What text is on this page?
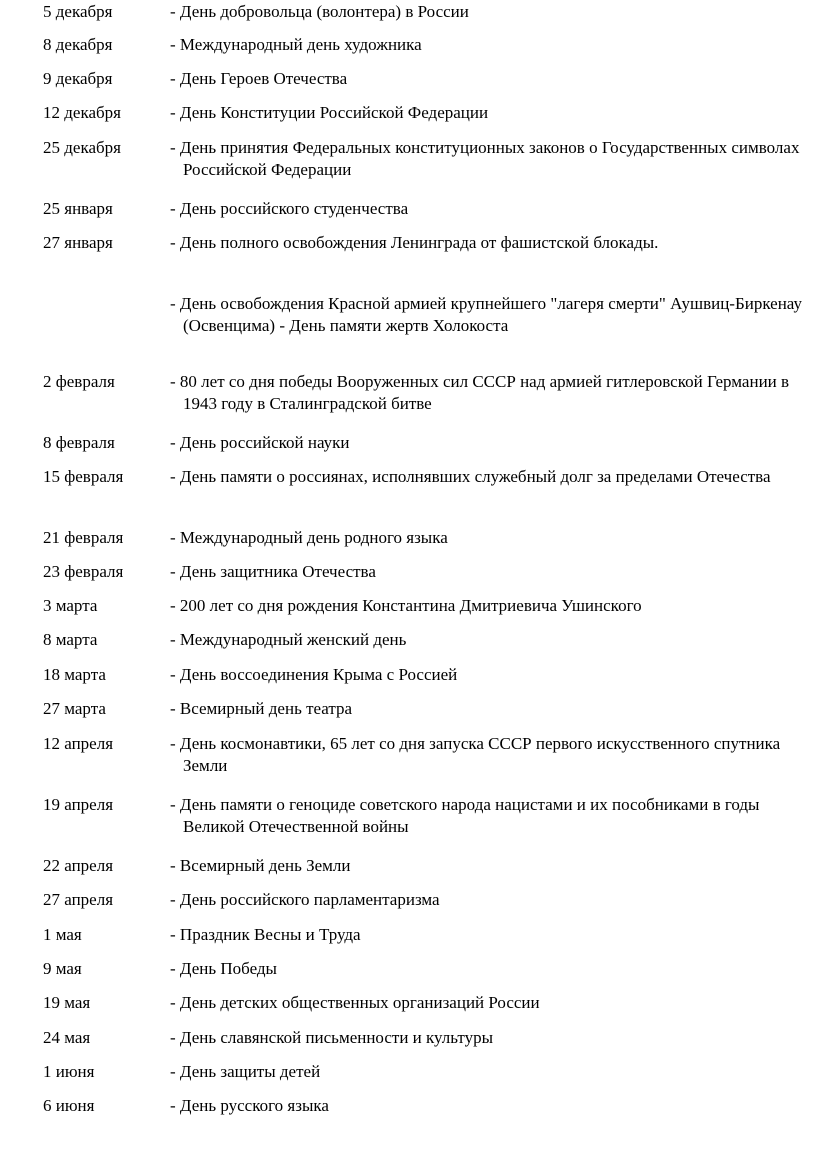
5 декабря	- День добровольца (волонтера) в России
8 декабря	- Международный день художника
9 декабря	- День Героев Отечества
12 декабря	- День Конституции Российской Федерации
25 декабря	- День принятия Федеральных конституционных законов о Государственных символах Российской Федерации
25 января	- День российского студенчества
27 января	- День полного освобождения Ленинграда от фашистской блокады.
- День освобождения Красной армией крупнейшего "лагеря смерти" Аушвиц-Биркенау (Освенцима) - День памяти жертв Холокоста
2 февраля	- 80 лет со дня победы Вооруженных сил СССР над армией гитлеровской Германии в 1943 году в Сталинградской битве
8 февраля	- День российской науки
15 февраля	- День памяти о россиянах, исполнявших служебный долг за пределами Отечества
21 февраля	- Международный день родного языка
23 февраля	- День защитника Отечества
3 марта	- 200 лет со дня рождения Константина Дмитриевича Ушинского
8 марта	- Международный женский день
18 марта	- День воссоединения Крыма с Россией
27 марта	- Всемирный день театра
12 апреля	- День космонавтики, 65 лет со дня запуска СССР первого искусственного спутника Земли
19 апреля	- День памяти о геноциде советского народа нацистами и их пособниками в годы Великой Отечественной войны
22 апреля	- Всемирный день Земли
27 апреля	- День российского парламентаризма
1 мая	- Праздник Весны и Труда
9 мая	- День Победы
19 мая	- День детских общественных организаций России
24 мая	- День славянской письменности и культуры
1 июня	- День защиты детей
6 июня	- День русского языка
